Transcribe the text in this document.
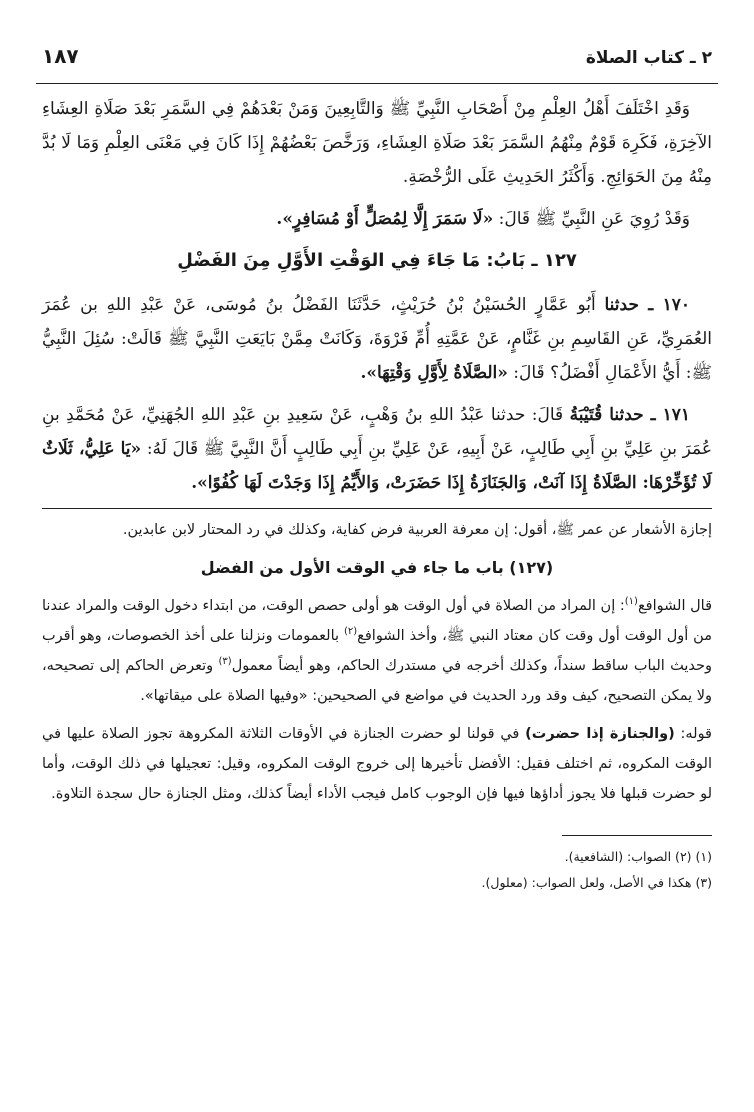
٢ ـ كتاب الصلاة
١٨٧

وَقَدِ اخْتَلَفَ أَهْلُ العِلْمِ مِنْ أَصْحَابِ النَّبِيِّ ﷺ وَالتَّابِعِينَ وَمَنْ بَعْدَهُمْ فِي السَّمَرِ بَعْدَ صَلَاةِ العِشَاءِ الآخِرَةِ، فَكَرِهَ قَوْمٌ مِنْهُمُ السَّمَرَ بَعْدَ صَلَاةِ العِشَاءِ، وَرَخَّصَ بَعْضُهُمْ إِذَا كَانَ فِي مَعْنَى العِلْمِ وَمَا لَا بُدَّ مِنْهُ مِنَ الحَوَائِجِ. وَأَكْثَرُ الحَدِيثِ عَلَى الرُّخْصَةِ.

وَقَدْ رُوِيَ عَنِ النَّبِيِّ ﷺ قَالَ: «لَا سَمَرَ إِلَّا لِمُصَلٍّ أَوْ مُسَافِرٍ».

١٢٧ ـ بَابُ: مَا جَاءَ فِي الوَقْتِ الأَوَّلِ مِنَ الفَضْلِ

١٧٠ ـ حدثنا أَبُو عَمَّارٍ الحُسَيْنُ بْنُ حُرَيْثٍ، حَدَّثَنَا الفَضْلُ بنُ مُوسَى، عَنْ عَبْدِ اللهِ بن عُمَرَ العُمَرِيِّ، عَنِ القَاسِمِ بنِ غَنَّامٍ، عَنْ عَمَّتِهِ أُمِّ فَرْوَةَ، وَكَانَتْ مِمَّنْ بَايَعَتِ النَّبِيَّ ﷺ قَالَتْ: سُئِلَ النَّبِيُّ ﷺ: أَيُّ الأَعْمَالِ أَفْضَلُ؟ قَالَ: «الصَّلَاةُ لِأَوَّلِ وَقْتِهَا».

١٧١ ـ حدثنا قُتَيْبَةُ قَالَ: حدثنا عَبْدُ اللهِ بنُ وَهْبٍ، عَنْ سَعِيدِ بنِ عَبْدِ اللهِ الجُهَنِيِّ، عَنْ مُحَمَّدِ بنِ عُمَرَ بنِ عَلِيِّ بنِ أَبِي طَالِبٍ، عَنْ أَبِيهِ، عَنْ عَلِيِّ بنِ أَبِي طَالِبٍ أَنَّ النَّبِيَّ ﷺ قَالَ لَهُ: «يَا عَلِيُّ، ثَلَاثٌ لَا تُؤَخِّرْهَا: الصَّلَاةُ إِذَا آنَتْ، وَالجَنَازَةُ إِذَا حَضَرَتْ، وَالأَيِّمُ إِذَا وَجَدْتَ لَهَا كُفُوًا».

إجازة الأشعار عن عمر ﷺ، أقول: إن معرفة العربية فرض كفاية، وكذلك في رد المحتار لابن عابدين.

(١٢٧) باب ما جاء في الوقت الأول من الفضل

قال الشوافع$^{(١)}$: إن المراد من الصلاة في أول الوقت هو أولى حصص الوقت، من ابتداء دخول الوقت والمراد عندنا من أول الوقت أول وقت كان معتاد النبي ﷺ، وأخذ الشوافع$^{(٢)}$ بالعمومات ونزلنا على أخذ الخصوصات، وهو أقرب وحديث الباب ساقط سنداً، وكذلك أخرجه في مستدرك الحاكم، وهو أيضاً معمول$^{(٣)}$ وتعرض الحاكم إلى تصحيحه، ولا يمكن التصحيح، كيف وقد ورد الحديث في مواضع في الصحيحين: «وفيها الصلاة على ميقاتها».

قوله: (والجنازة إذا حضرت) في قولنا لو حضرت الجنازة في الأوقات الثلاثة المكروهة تجوز الصلاة عليها في الوقت المكروه، ثم اختلف فقيل: الأفضل تأخيرها إلى خروج الوقت المكروه، وقيل: تعجيلها في ذلك الوقت، وأما لو حضرت قبلها فلا يجوز أداؤها فيها فإن الوجوب كامل فيجب الأداء أيضاً كذلك، ومثل الجنازة حال سجدة التلاوة.

(١) (٢) الصواب: (الشافعية).
(٣) هكذا في الأصل، ولعل الصواب: (معلول).
